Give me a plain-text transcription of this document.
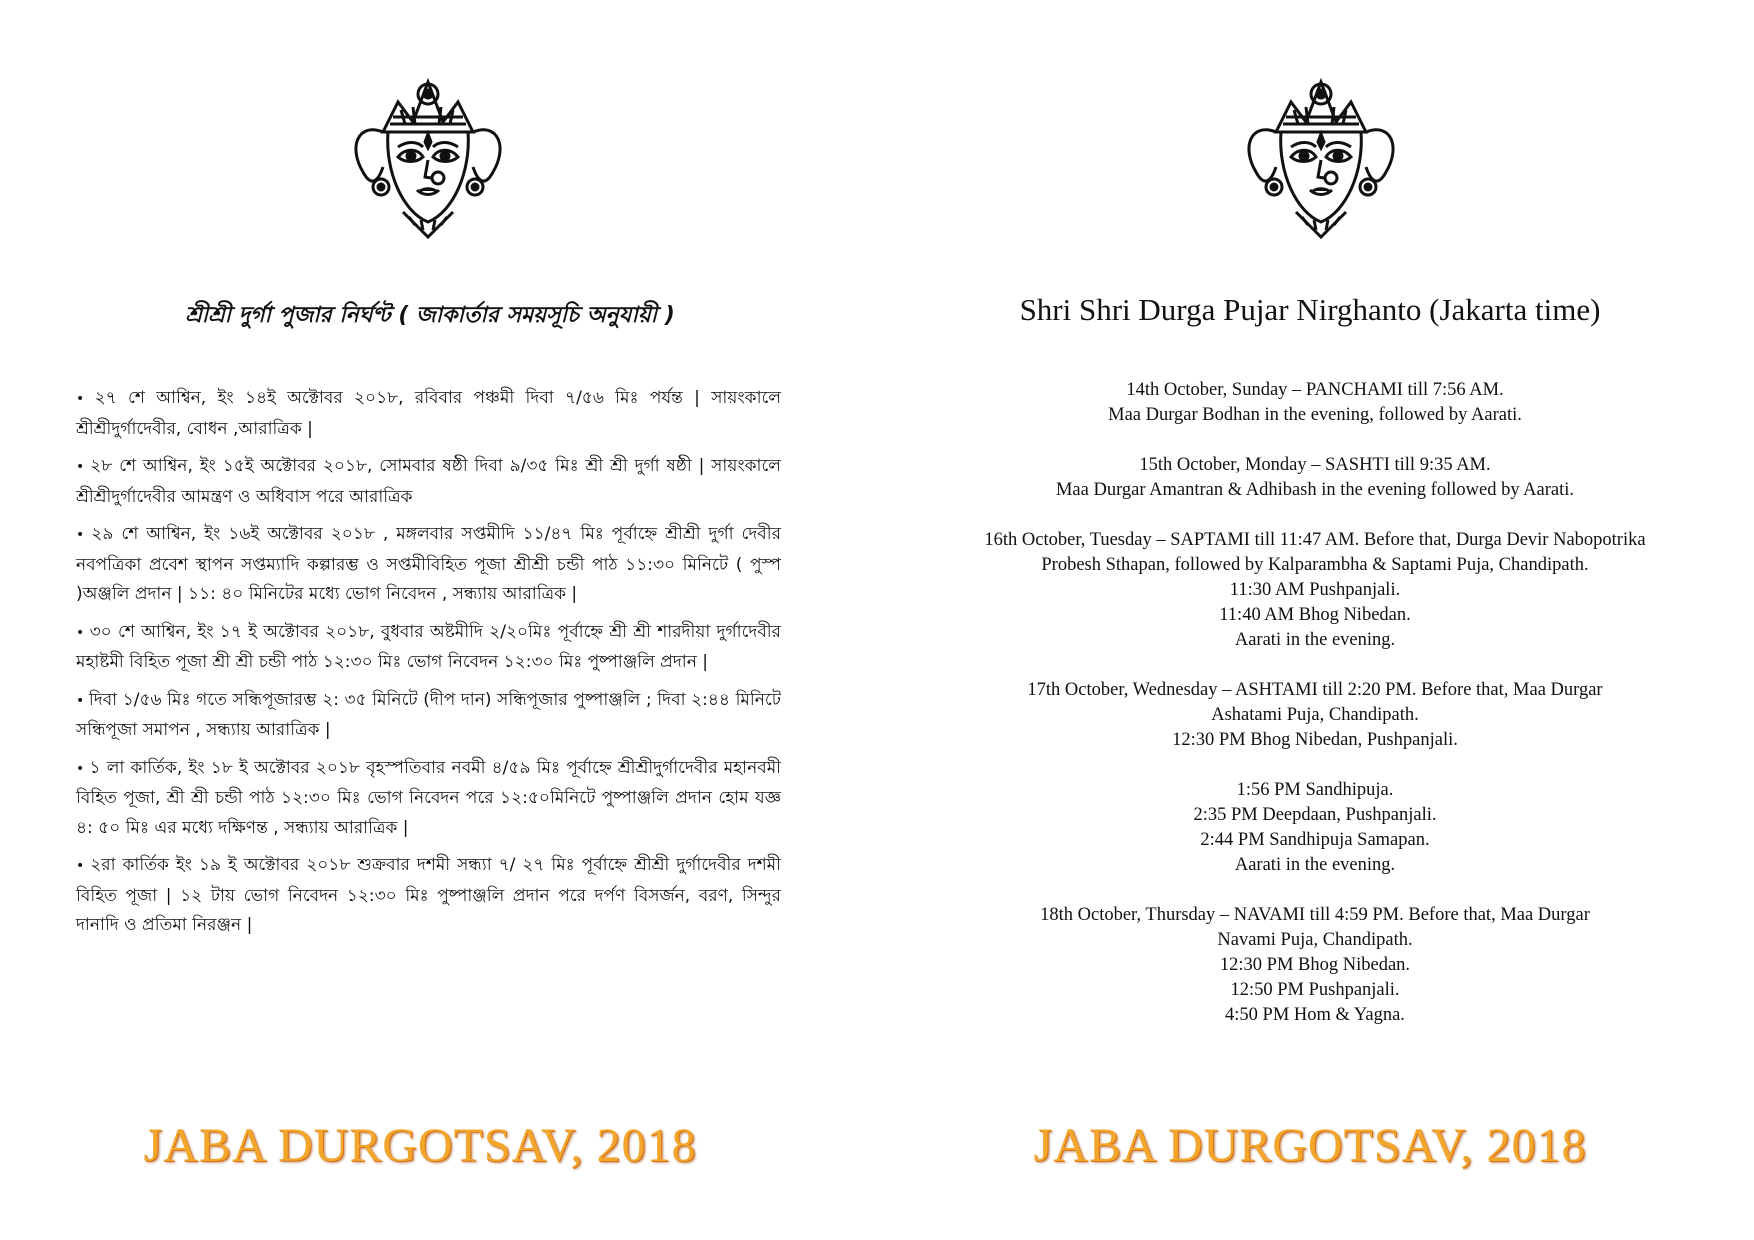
শ্রীশ্রী দুর্গা পুজার নির্ঘণ্ট ( জাকার্তার সময়সূচি অনুযায়ী )
• ২৭ শে আশ্বিন, ইং ১৪ই অক্টোবর ২০১৮, রবিবার পঞ্চমী দিবা ৭/৫৬ মিঃ পর্যন্ত | সায়ংকালে শ্রীশ্রীদুর্গাদেবীর, বোধন ,আরাত্রিক |
• ২৮ শে আশ্বিন, ইং ১৫ই অক্টোবর ২০১৮, সোমবার ষষ্ঠী দিবা ৯/৩৫ মিঃ শ্রী শ্রী দুর্গা ষষ্ঠী | সায়ংকালে শ্রীশ্রীদুর্গাদেবীর আমন্ত্রণ ও অধিবাস পরে আরাত্রিক
• ২৯ শে আশ্বিন, ইং ১৬ই অক্টোবর ২০১৮ , মঙ্গলবার সপ্তমীদি ১১/৪৭ মিঃ পূর্বাহ্নে শ্রীশ্রী দুর্গা দেবীর নবপত্রিকা প্রবেশ স্থাপন সপ্তম্যাদি কল্পারম্ভ ও সপ্তমীবিহিত পূজা শ্রীশ্রী চন্ডী পাঠ ১১:৩০ মিনিটে ( পুস্প )অঞ্জলি প্রদান | ১১: ৪০ মিনিটের মধ্যে ভোগ নিবেদন , সন্ধ্যায় আরাত্রিক |
• ৩০ শে আশ্বিন, ইং ১৭ ই অক্টোবর ২০১৮, বুধবার অষ্টমীদি ২/২০মিঃ পূর্বাহ্নে শ্রী শ্রী শারদীয়া দুর্গাদেবীর মহাষ্টমী বিহিত পূজা শ্রী শ্রী চন্ডী পাঠ ১২:৩০ মিঃ ভোগ নিবেদন ১২:৩০ মিঃ পুষ্পাঞ্জলি প্রদান |
• দিবা ১/৫৬ মিঃ গতে সন্ধিপূজারম্ভ ২: ৩৫ মিনিটে (দীপ দান) সন্ধিপূজার পুষ্পাঞ্জলি ; দিবা ২:৪৪ মিনিটে সন্ধিপূজা সমাপন , সন্ধ্যায় আরাত্রিক |
• ১ লা কার্তিক, ইং ১৮ ই অক্টোবর ২০১৮ বৃহস্পতিবার নবমী ৪/৫৯ মিঃ পূর্বাহ্নে শ্রীশ্রীদুর্গাদেবীর মহানবমী বিহিত পূজা, শ্রী শ্রী চন্ডী পাঠ ১২:৩০ মিঃ ভোগ নিবেদন পরে ১২:৫০মিনিটে পুষ্পাঞ্জলি প্রদান হোম যজ্ঞ ৪: ৫০ মিঃ এর মধ্যে দক্ষিণন্ত , সন্ধ্যায় আরাত্রিক |
• ২রা কার্তিক ইং ১৯ ই অক্টোবর ২০১৮ শুক্রবার দশমী সন্ধ্যা ৭/ ২৭ মিঃ পূর্বাহ্নে শ্রীশ্রী দুর্গাদেবীর দশমী বিহিত পূজা | ১২ টায় ভোগ নিবেদন ১২:৩০ মিঃ পুষ্পাঞ্জলি প্রদান পরে দর্পণ বিসর্জন, বরণ, সিন্দুর দানাদি ও প্রতিমা নিরঞ্জন |
JABA DURGOTSAV, 2018
Shri Shri Durga Pujar Nirghanto (Jakarta time)
14th October, Sunday – PANCHAMI till 7:56 AM.
Maa Durgar Bodhan in the evening, followed by Aarati.
15th October, Monday – SASHTI till 9:35 AM.
Maa Durgar Amantran & Adhibash in the evening followed by Aarati.
16th October, Tuesday – SAPTAMI till 11:47 AM. Before that, Durga Devir Nabopotrika
Probesh Sthapan, followed by Kalparambha & Saptami Puja, Chandipath.
11:30 AM Pushpanjali.
11:40 AM Bhog Nibedan.
Aarati in the evening.
17th October, Wednesday – ASHTAMI till 2:20 PM. Before that, Maa Durgar
Ashatami Puja, Chandipath.
12:30 PM Bhog Nibedan, Pushpanjali.
1:56 PM Sandhipuja.
2:35 PM Deepdaan, Pushpanjali.
2:44 PM Sandhipuja Samapan.
Aarati in the evening.
18th October, Thursday – NAVAMI till 4:59 PM. Before that, Maa Durgar
Navami Puja, Chandipath.
12:30 PM Bhog Nibedan.
12:50 PM Pushpanjali.
4:50 PM Hom & Yagna.
JABA DURGOTSAV, 2018
